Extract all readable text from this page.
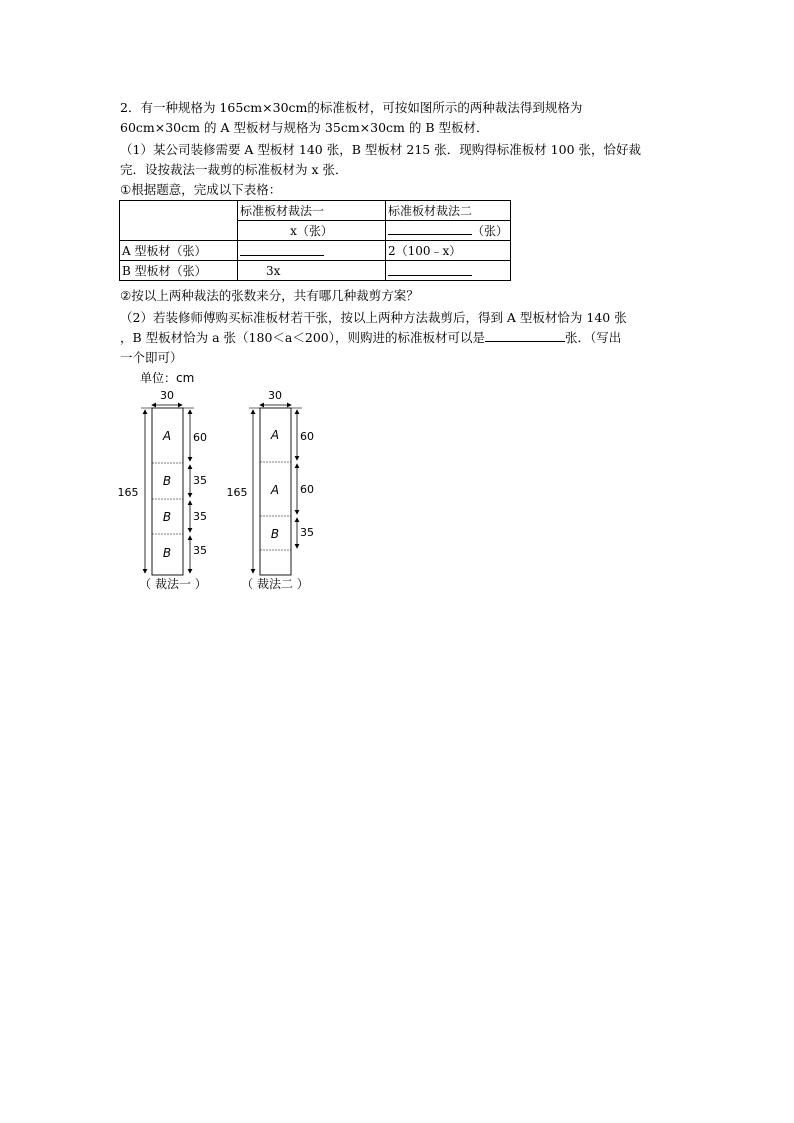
2．有一种规格为 165cm×30cm的标准板材，可按如图所示的两种裁法得到规格为
60cm×30cm 的 A 型板材与规格为 35cm×30cm 的 B 型板材．
（1）某公司装修需要 A 型板材 140 张，B 型板材 215 张．现购得标准板材 100 张，恰好裁
完．设按裁法一裁剪的标准板材为 x 张．
①根据题意，完成以下表格：
	标准板材裁法一	标准板材裁法二
	x（张）	（张）
A 型板材（张）		2（100﹣x）
B 型板材（张）	3x	
②按以上两种裁法的张数来分，共有哪几种裁剪方案？
（2）若装修师傅购买标准板材若干张，按以上两种方法裁剪后，得到 A 型板材恰为 140 张
，B 型板材恰为 a 张（180＜a＜200），则购进的标准板材可以是	张．（写出
一个即可）
单位：cm
30
A
B
B
B
165
60
35
35
35
（ 裁法一 ）
30
A
A
B
165
60
60
35
（ 裁法二 ）
